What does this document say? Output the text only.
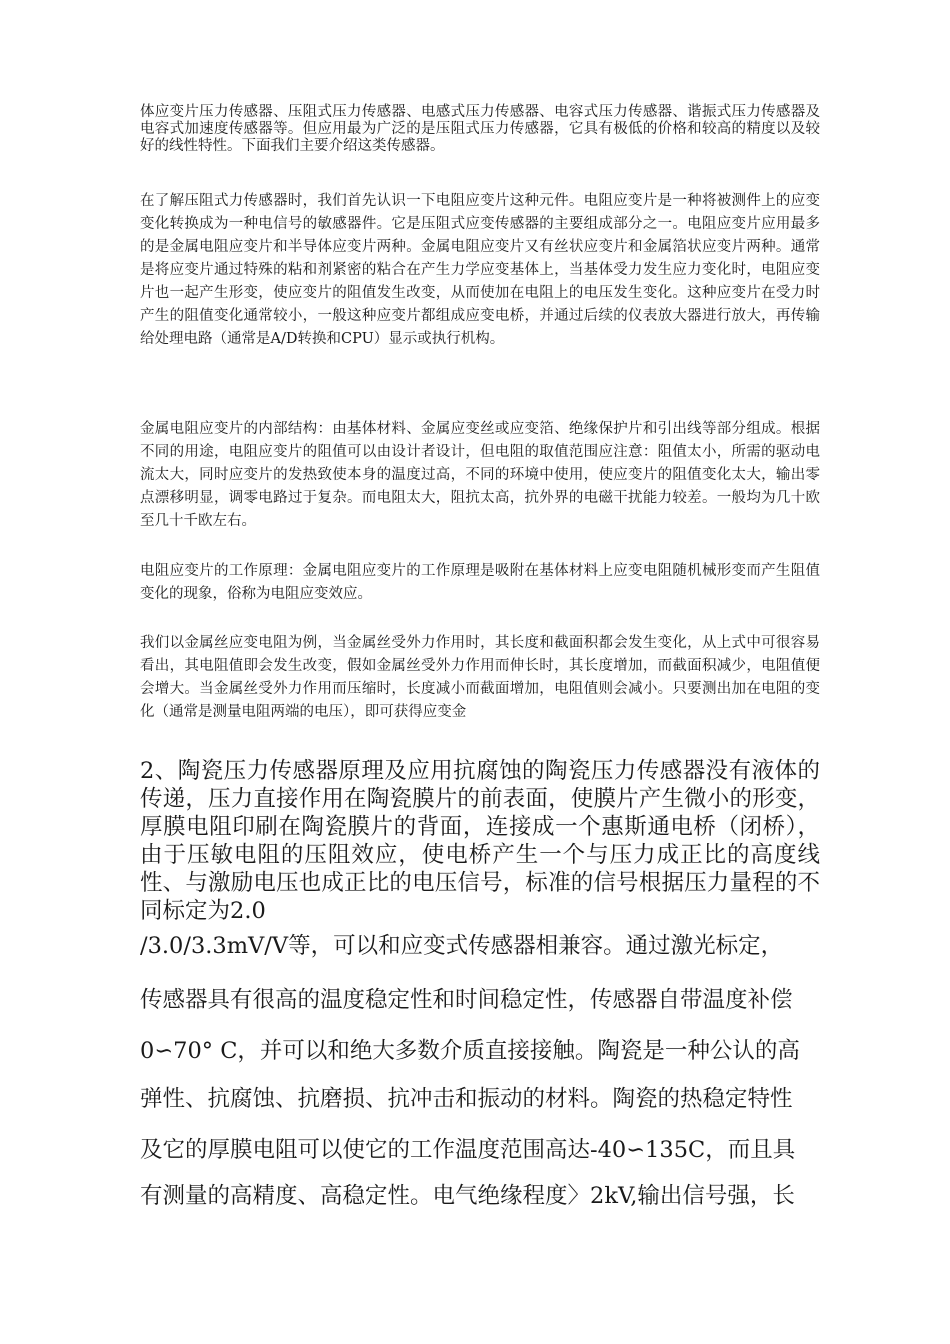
体应变片压力传感器、压阻式压力传感器、电感式压力传感器、电容式压力传感器、谐振式压力传感器及电容式加速度传感器等。但应用最为广泛的是压阻式压力传感器，它具有极低的价格和较高的精度以及较好的线性特性。下面我们主要介绍这类传感器。

在了解压阻式力传感器时，我们首先认识一下电阻应变片这种元件。电阻应变片是一种将被测件上的应变变化转换成为一种电信号的敏感器件。它是压阻式应变传感器的主要组成部分之一。电阻应变片应用最多的是金属电阻应变片和半导体应变片两种。金属电阻应变片又有丝状应变片和金属箔状应变片两种。通常是将应变片通过特殊的粘和剂紧密的粘合在产生力学应变基体上，当基体受力发生应力变化时，电阻应变片也一起产生形变，使应变片的阻值发生改变，从而使加在电阻上的电压发生变化。这种应变片在受力时产生的阻值变化通常较小，一般这种应变片都组成应变电桥，并通过后续的仪表放大器进行放大，再传输给处理电路（通常是A/D转换和CPU）显示或执行机构。

金属电阻应变片的内部结构：由基体材料、金属应变丝或应变箔、绝缘保护片和引出线等部分组成。根据不同的用途，电阻应变片的阻值可以由设计者设计，但电阻的取值范围应注意：阻值太小，所需的驱动电流太大，同时应变片的发热致使本身的温度过高，不同的环境中使用，使应变片的阻值变化太大，输出零点漂移明显，调零电路过于复杂。而电阻太大，阻抗太高，抗外界的电磁干扰能力较差。一般均为几十欧至几十千欧左右。

电阻应变片的工作原理：金属电阻应变片的工作原理是吸附在基体材料上应变电阻随机械形变而产生阻值变化的现象，俗称为电阻应变效应。

我们以金属丝应变电阻为例，当金属丝受外力作用时，其长度和截面积都会发生变化，从上式中可很容易看出，其电阻值即会发生改变，假如金属丝受外力作用而伸长时，其长度增加，而截面积减少，电阻值便会增大。当金属丝受外力作用而压缩时，长度减小而截面增加，电阻值则会减小。只要测出加在电阻的变化（通常是测量电阻两端的电压），即可获得应变金

2、陶瓷压力传感器原理及应用抗腐蚀的陶瓷压力传感器没有液体的传递，压力直接作用在陶瓷膜片的前表面，使膜片产生微小的形变，厚膜电阻印刷在陶瓷膜片的背面，连接成一个惠斯通电桥（闭桥），由于压敏电阻的压阻效应，使电桥产生一个与压力成正比的高度线性、与激励电压也成正比的电压信号，标准的信号根据压力量程的不同标定为2.0

/3.0/3.3mV/V等，可以和应变式传感器相兼容。通过激光标定，

传感器具有很高的温度稳定性和时间稳定性，传感器自带温度补偿

0∽70° C，并可以和绝大多数介质直接接触。陶瓷是一种公认的高

弹性、抗腐蚀、抗磨损、抗冲击和振动的材料。陶瓷的热稳定特性

及它的厚膜电阻可以使它的工作温度范围高达-40∽135C，而且具

有测量的高精度、高稳定性。电气绝缘程度〉2kV,输出信号强，长
